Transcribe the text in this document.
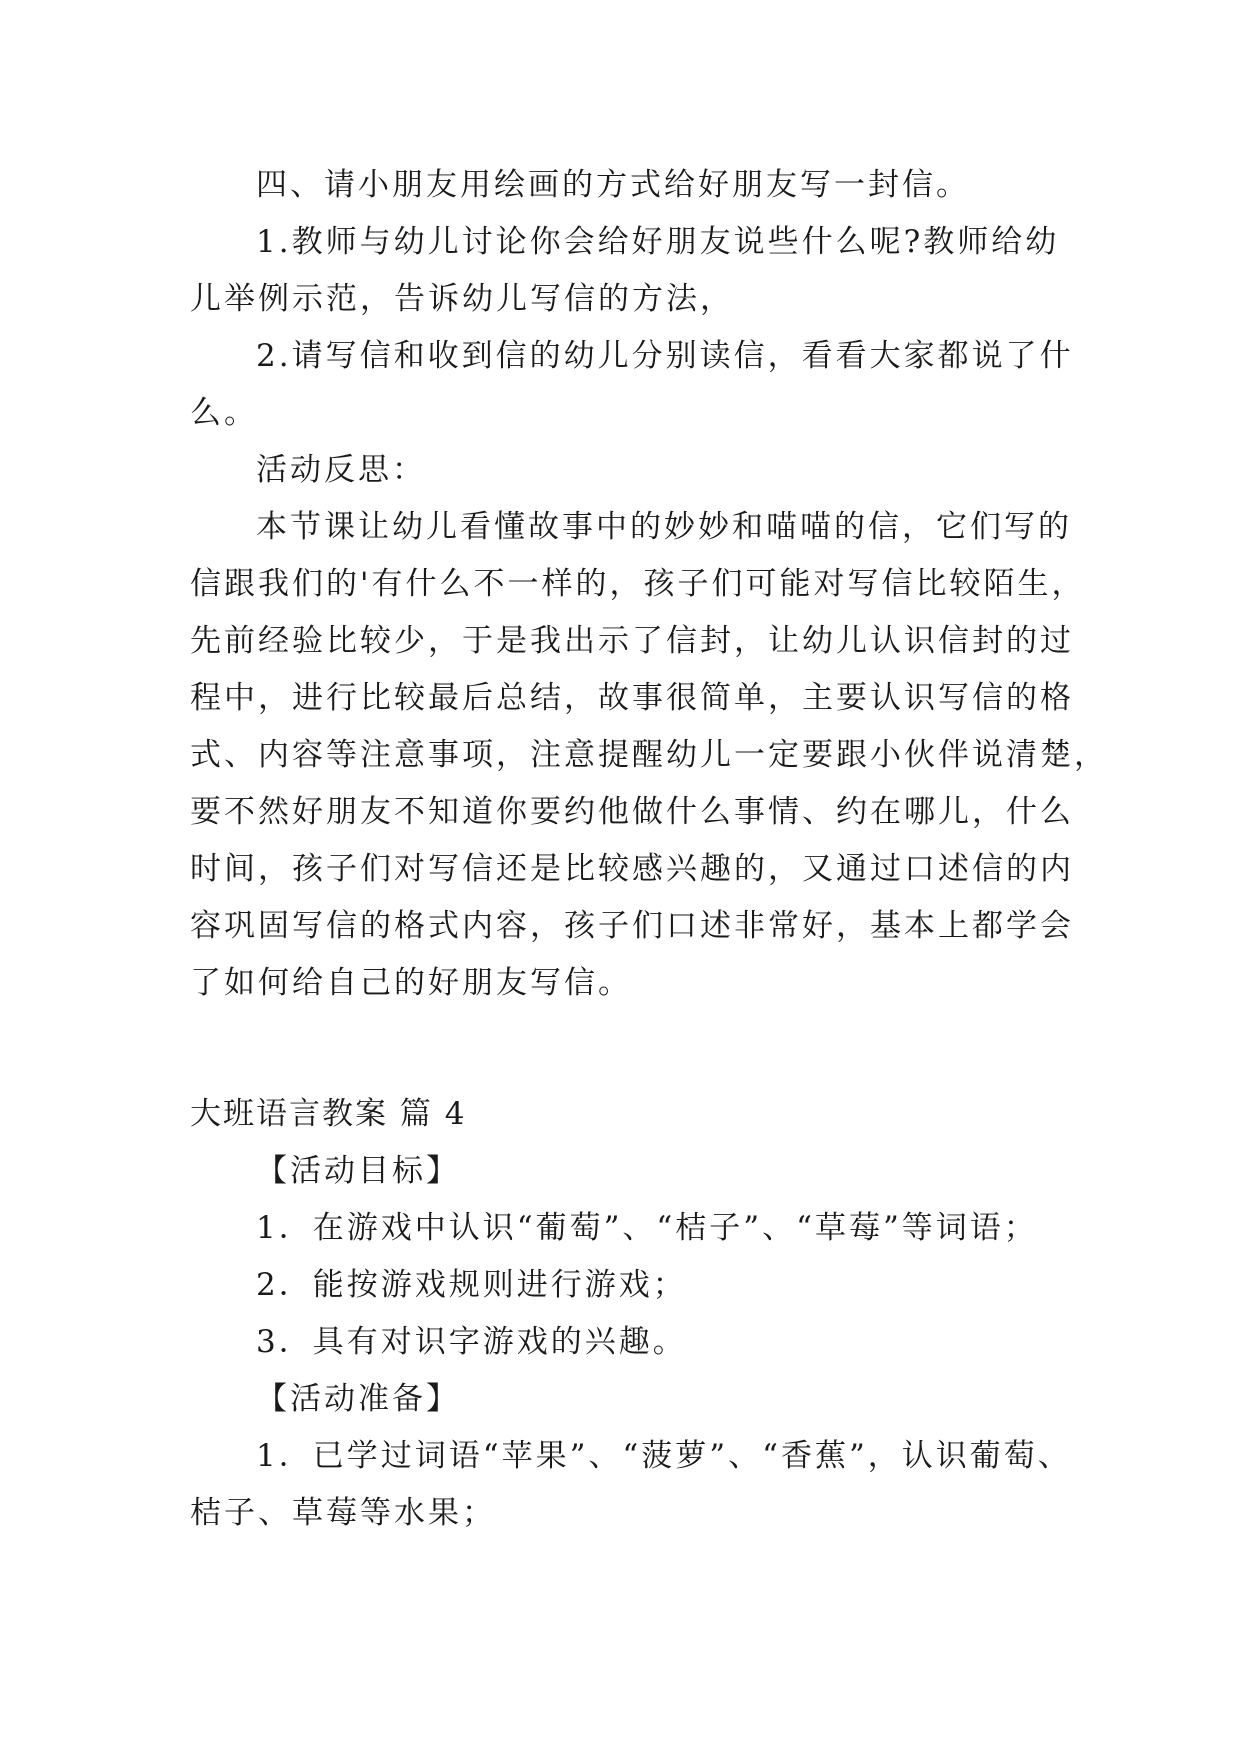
四、请小朋友用绘画的方式给好朋友写一封信。
1.教师与幼儿讨论你会给好朋友说些什么呢?教师给幼
儿举例示范，告诉幼儿写信的方法，
2.请写信和收到信的幼儿分别读信，看看大家都说了什
么。
活动反思：
本节课让幼儿看懂故事中的妙妙和喵喵的信，它们写的
信跟我们的'有什么不一样的，孩子们可能对写信比较陌生，
先前经验比较少，于是我出示了信封，让幼儿认识信封的过
程中，进行比较最后总结，故事很简单，主要认识写信的格
式、内容等注意事项，注意提醒幼儿一定要跟小伙伴说清楚，
要不然好朋友不知道你要约他做什么事情、约在哪儿，什么
时间，孩子们对写信还是比较感兴趣的，又通过口述信的内
容巩固写信的格式内容，孩子们口述非常好，基本上都学会
了如何给自己的好朋友写信。
大班语言教案 篇 4
【活动目标】
1．在游戏中认识“葡萄”、“桔子”、“草莓”等词语；
2．能按游戏规则进行游戏；
3．具有对识字游戏的兴趣。
【活动准备】
1．已学过词语“苹果”、“菠萝”、“香蕉”，认识葡萄、
桔子、草莓等水果；
